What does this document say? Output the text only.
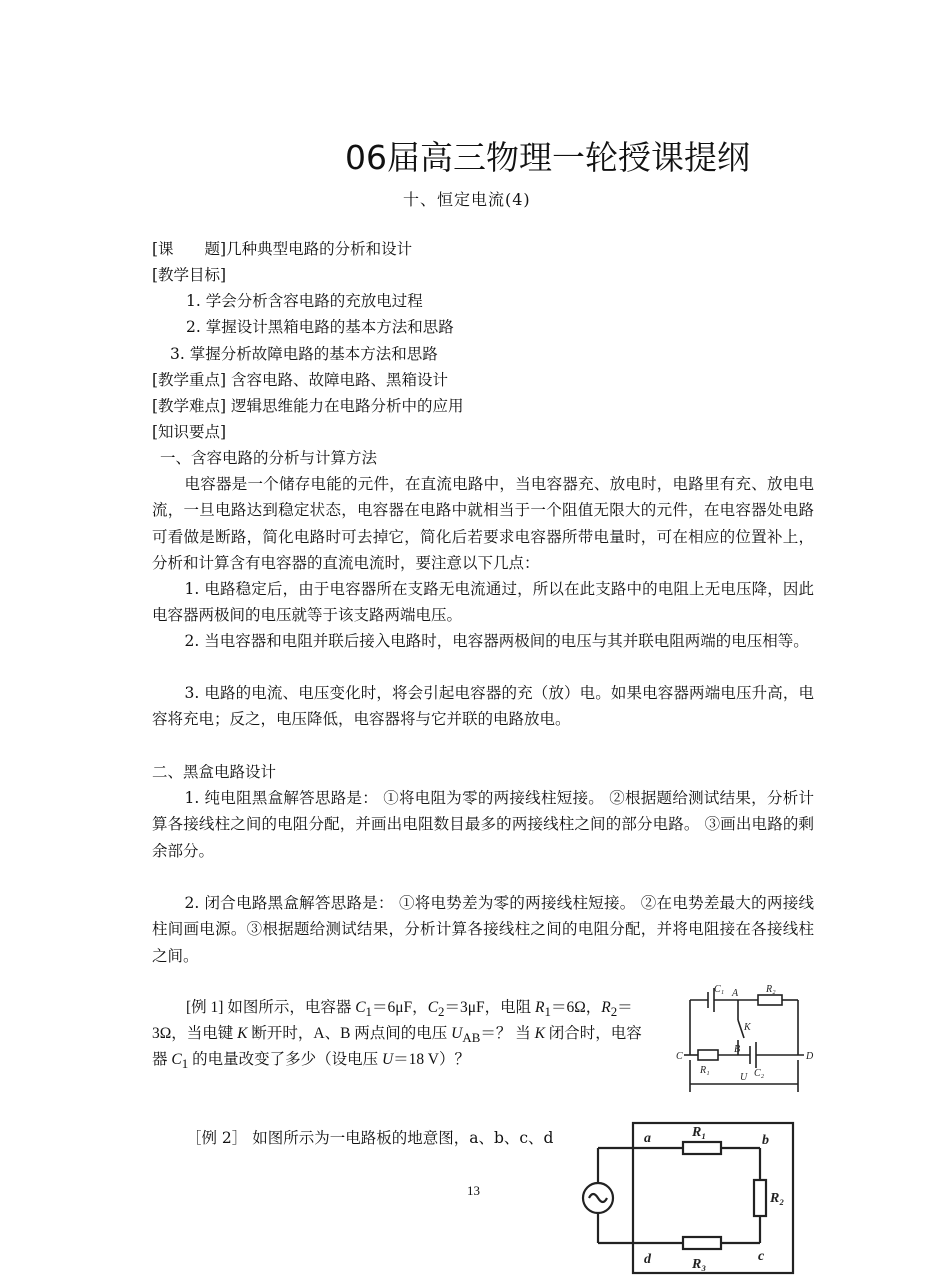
06届高三物理一轮授课提纲
十、恒定电流(4)
[课　　题]几种典型电路的分析和设计
[教学目标]
1. 学会分析含容电路的充放电过程
2. 掌握设计黑箱电路的基本方法和思路
3. 掌握分析故障电路的基本方法和思路
[教学重点] 含容电路、故障电路、黑箱设计
[教学难点] 逻辑思维能力在电路分析中的应用
[知识要点]
一、含容电路的分析与计算方法
电容器是一个储存电能的元件，在直流电路中，当电容器充、放电时，电路里有充、放电电流，一旦电路达到稳定状态，电容器在电路中就相当于一个阻值无限大的元件，在电容器处电路可看做是断路，简化电路时可去掉它，简化后若要求电容器所带电量时，可在相应的位置补上，分析和计算含有电容器的直流电流时，要注意以下几点：
1. 电路稳定后，由于电容器所在支路无电流通过，所以在此支路中的电阻上无电压降，因此电容器两极间的电压就等于该支路两端电压。
2. 当电容器和电阻并联后接入电路时，电容器两极间的电压与其并联电阻两端的电压相等。
3. 电路的电流、电压变化时，将会引起电容器的充（放）电。如果电容器两端电压升高，电容将充电；反之，电压降低，电容器将与它并联的电路放电。
二、黑盒电路设计
1. 纯电阻黑盒解答思路是： ①将电阻为零的两接线柱短接。 ②根据题给测试结果，分析计算各接线柱之间的电阻分配，并画出电阻数目最多的两接线柱之间的部分电路。 ③画出电路的剩余部分。
2. 闭合电路黑盒解答思路是： ①将电势差为零的两接线柱短接。 ②在电势差最大的两接线柱间画电源。③根据题给测试结果，分析计算各接线柱之间的电阻分配，并将电阻接在各接线柱之间。
[例 1] 如图所示，电容器 $C_1=6\mu F$，$C_2=3\mu F$，电阻 $R_1=6\Omega$，$R_2=$
3Ω，当电键 K 断开时，A、B 两点间的电压 $U_{AB}=$？ 当 K 闭合时，电容
器 $C_1$ 的电量改变了多少（设电压 U＝18 V）？
C₁ A	R₂
K
C	D
R₁
B
C₂
U
［例 2］ 如图所示为一电路板的地意图，a、b、c、d	a	R₁
b
R₂
d	R₃
c
13
